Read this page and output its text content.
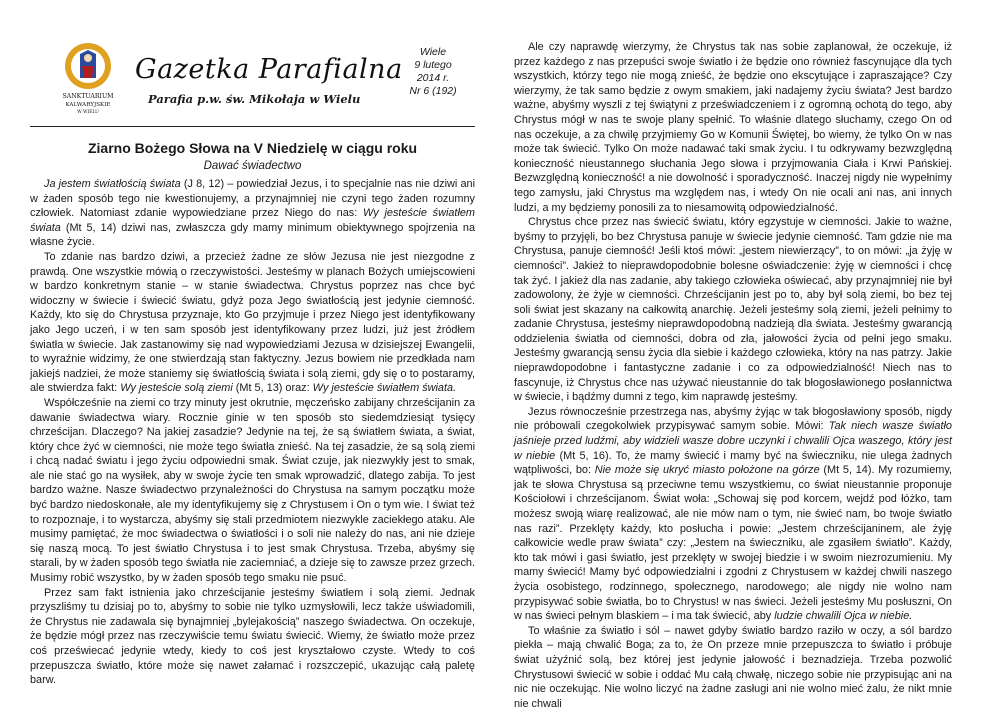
SANKTUARIUM
KALWARYJSKIE
W WIELU
Gazetka Parafialna
Parafia p.w. św. Mikołaja w Wielu
Wiele
9 lutego
2014 r.
Nr 6 (192)
Ziarno Bożego Słowa na V Niedzielę w ciągu roku
Dawać świadectwo

Ja jestem światłością świata (J 8, 12) – powiedział Jezus, i to specjalnie nas nie dziwi ani w żaden sposób tego nie kwestionujemy, a przynajmniej nie czyni tego żaden rozumny człowiek. Natomiast zdanie wypowiedziane przez Niego do nas: Wy jesteście światłem świata (Mt 5, 14) dziwi nas, zwłaszcza gdy mamy minimum obiektywnego spojrzenia na własne życie.

To zdanie nas bardzo dziwi, a przecież żadne ze słów Jezusa nie jest niezgodne z prawdą. One wszystkie mówią o rzeczywistości. Jesteśmy w planach Bożych umiejscowieni w bardzo konkretnym stanie – w stanie świadectwa. Chrystus poprzez nas chce być widoczny w świecie i świecić światu, gdyż poza Jego światłością jest jedynie ciemność. Każdy, kto się do Chrystusa przyznaje, kto Go przyjmuje i przez Niego jest identyfikowany jako Jego uczeń, i w ten sam sposób jest identyfikowany przez ludzi, już jest źródłem światła w świecie. Jak zastanowimy się nad wypowiedziami Jezusa w dzisiejszej Ewangelii, to wyraźnie widzimy, że one stwierdzają stan faktyczny. Jezus bowiem nie przedkłada nam jakiejś nadziei, że może staniemy się światłością świata i solą ziemi, gdy się o to postaramy, ale stwierdza fakt: Wy jesteście solą ziemi (Mt 5, 13) oraz: Wy jesteście światłem świata.

Współcześnie na ziemi co trzy minuty jest okrutnie, męczeńsko zabijany chrześcijanin za dawanie świadectwa wiary. Rocznie ginie w ten sposób sto siedemdziesiąt tysięcy chrześcijan. Dlaczego? Na jakiej zasadzie? Jedynie na tej, że są światłem świata, a świat, który chce żyć w ciemności, nie może tego światła znieść. Na tej zasadzie, że są solą ziemi i chcą nadać światu i jego życiu odpowiedni smak. Świat czuje, jak niezwykły jest to smak, ale nie stać go na wysiłek, aby w swoje życie ten smak wprowadzić, dlatego zabija. To jest bardzo ważne. Nasze świadectwo przynależności do Chrystusa na samym początku może być bardzo niedoskonałe, ale my identyfikujemy się z Chrystusem i On o tym wie. I świat też to rozpoznaje, i to wystarcza, abyśmy się stali przedmiotem niezwykle zaciekłego ataku. Ale musimy pamiętać, że moc świadectwa o światłości i o soli nie należy do nas, ani nie dzieje się naszą mocą. To jest światło Chrystusa i to jest smak Chrystusa. Trzeba, abyśmy się starali, by w żaden sposób tego światła nie zaciemniać, a dzieje się to zawsze przez grzech. Musimy robić wszystko, by w żaden sposób tego smaku nie psuć.

Przez sam fakt istnienia jako chrześcijanie jesteśmy światłem i solą ziemi. Jednak przyszliśmy tu dzisiaj po to, abyśmy to sobie nie tylko uzmysłowili, lecz także uświadomili, że Chrystus nie zadawala się bynajmniej „bylejakością” naszego świadectwa. On oczekuje, że będzie mógł przez nas rzeczywiście temu światu świecić. Wiemy, że światło może przez coś przeświecać jedynie wtedy, kiedy to coś jest kryształowo czyste. Wtedy to coś przepuszcza światło, które może się nawet załamać i rozszczepić, ukazując całą paletę barw.

Ale czy naprawdę wierzymy, że Chrystus tak nas sobie zaplanował, że oczekuje, iż przez każdego z nas przepuści swoje światło i że będzie ono również fascynujące dla tych wszystkich, którzy tego nie mogą znieść, że będzie ono ekscytujące i zapraszające? Czy wierzymy, że tak samo będzie z owym smakiem, jaki nadajemy życiu świata? Jest bardzo ważne, abyśmy wyszli z tej świątyni z przeświadczeniem i z ogromną ochotą do tego, aby Chrystus mógł w nas te swoje plany spełnić. To właśnie dlatego słuchamy, czego On od nas oczekuje, a za chwilę przyjmiemy Go w Komunii Świętej, bo wiemy, że tylko On w nas może tak świecić. Tylko On może nadawać taki smak życiu. I tu odkrywamy bezwzględną konieczność nieustannego słuchania Jego słowa i przyjmowania Ciała i Krwi Pańskiej. Bezwzględną konieczność! a nie dowolność i sporadyczność. Inaczej nigdy nie wypełnimy tego zamysłu, jaki Chrystus ma względem nas, i wtedy On nie ocali ani nas, ani innych ludzi, a my będziemy ponosili za to niesamowitą odpowiedzialność.

Chrystus chce przez nas świecić światu, który egzystuje w ciemności. Jakie to ważne, byśmy to przyjęli, bo bez Chrystusa panuje w świecie jedynie ciemność. Tam gdzie nie ma Chrystusa, panuje ciemność! Jeśli ktoś mówi: „jestem niewierzący”, to on mówi: „ja żyję w ciemności”. Jakież to nieprawdopodobnie bolesne oświadczenie: żyję w ciemności i chcę tak żyć. I jakież dla nas zadanie, aby takiego człowieka oświecać, aby przynajmniej nie był zadowolony, że żyje w ciemności. Chrześcijanin jest po to, aby był solą ziemi, bo bez tej soli świat jest skazany na całkowitą anarchię. Jeżeli jesteśmy solą ziemi, jeżeli pełnimy to zadanie Chrystusa, jesteśmy nieprawdopodobną nadzieją dla świata. Jesteśmy gwarancją oddzielenia światła od ciemności, dobra od zła, jałowości życia od pełni jego smaku. Jesteśmy gwarancją sensu życia dla siebie i każdego człowieka, który na nas patrzy. Jakie nieprawdopodobne i fantastyczne zadanie i co za odpowiedzialność! Niech nas to fascynuje, iż Chrystus chce nas używać nieustannie do tak błogosławionego posłannictwa w świecie, i bądźmy dumni z tego, kim naprawdę jesteśmy.

Jezus równocześnie przestrzega nas, abyśmy żyjąc w tak błogosławiony sposób, nigdy nie próbowali czegokolwiek przypisywać samym sobie. Mówi: Tak niech wasze światło jaśnieje przed ludźmi, aby widzieli wasze dobre uczynki i chwalili Ojca waszego, który jest w niebie (Mt 5, 16). To, że mamy świecić i mamy być na świeczniku, nie ulega żadnych wątpliwości, bo: Nie może się ukryć miasto położone na górze (Mt 5, 14). My rozumiemy, jak te słowa Chrystusa są przeciwne temu wszystkiemu, co świat nieustannie proponuje Kościołowi i chrześcijanom. Świat woła: „Schowaj się pod korcem, wejdź pod łóżko, tam możesz swoją wiarę realizować, ale nie mów nam o tym, nie świeć nam, bo twoje światło nas razi”. Przeklęty każdy, kto posłucha i powie: „Jestem chrześcijaninem, ale żyję całkowicie wedle praw świata” czy: „Jestem na świeczniku, ale zgasiłem światło”. Każdy, kto tak mówi i gasi światło, jest przeklęty w swojej biedzie i w swoim niezrozumieniu. My mamy świecić! Mamy być odpowiedzialni i zgodni z Chrystusem w każdej chwili naszego życia osobistego, rodzinnego, społecznego, narodowego; ale nigdy nie wolno nam przypisywać sobie światła, bo to Chrystus! w nas świeci. Jeżeli jesteśmy Mu posłuszni, On w nas świeci pełnym blaskiem – i ma tak świecić, aby ludzie chwalili Ojca w niebie.

To właśnie za światło i sól – nawet gdyby światło bardzo raziło w oczy, a sól bardzo piekła – mają chwalić Boga; za to, że On przeze mnie przepuszcza to światło i próbuje świat użyźnić solą, bez której jest jedynie jałowość i beznadzieja. Trzeba pozwolić Chrystusowi świecić w sobie i oddać Mu całą chwałę, niczego sobie nie przypisując ani na nic nie oczekując. Nie wolno liczyć na żadne zasługi ani nie wolno mieć żalu, że nikt mnie nie chwali
